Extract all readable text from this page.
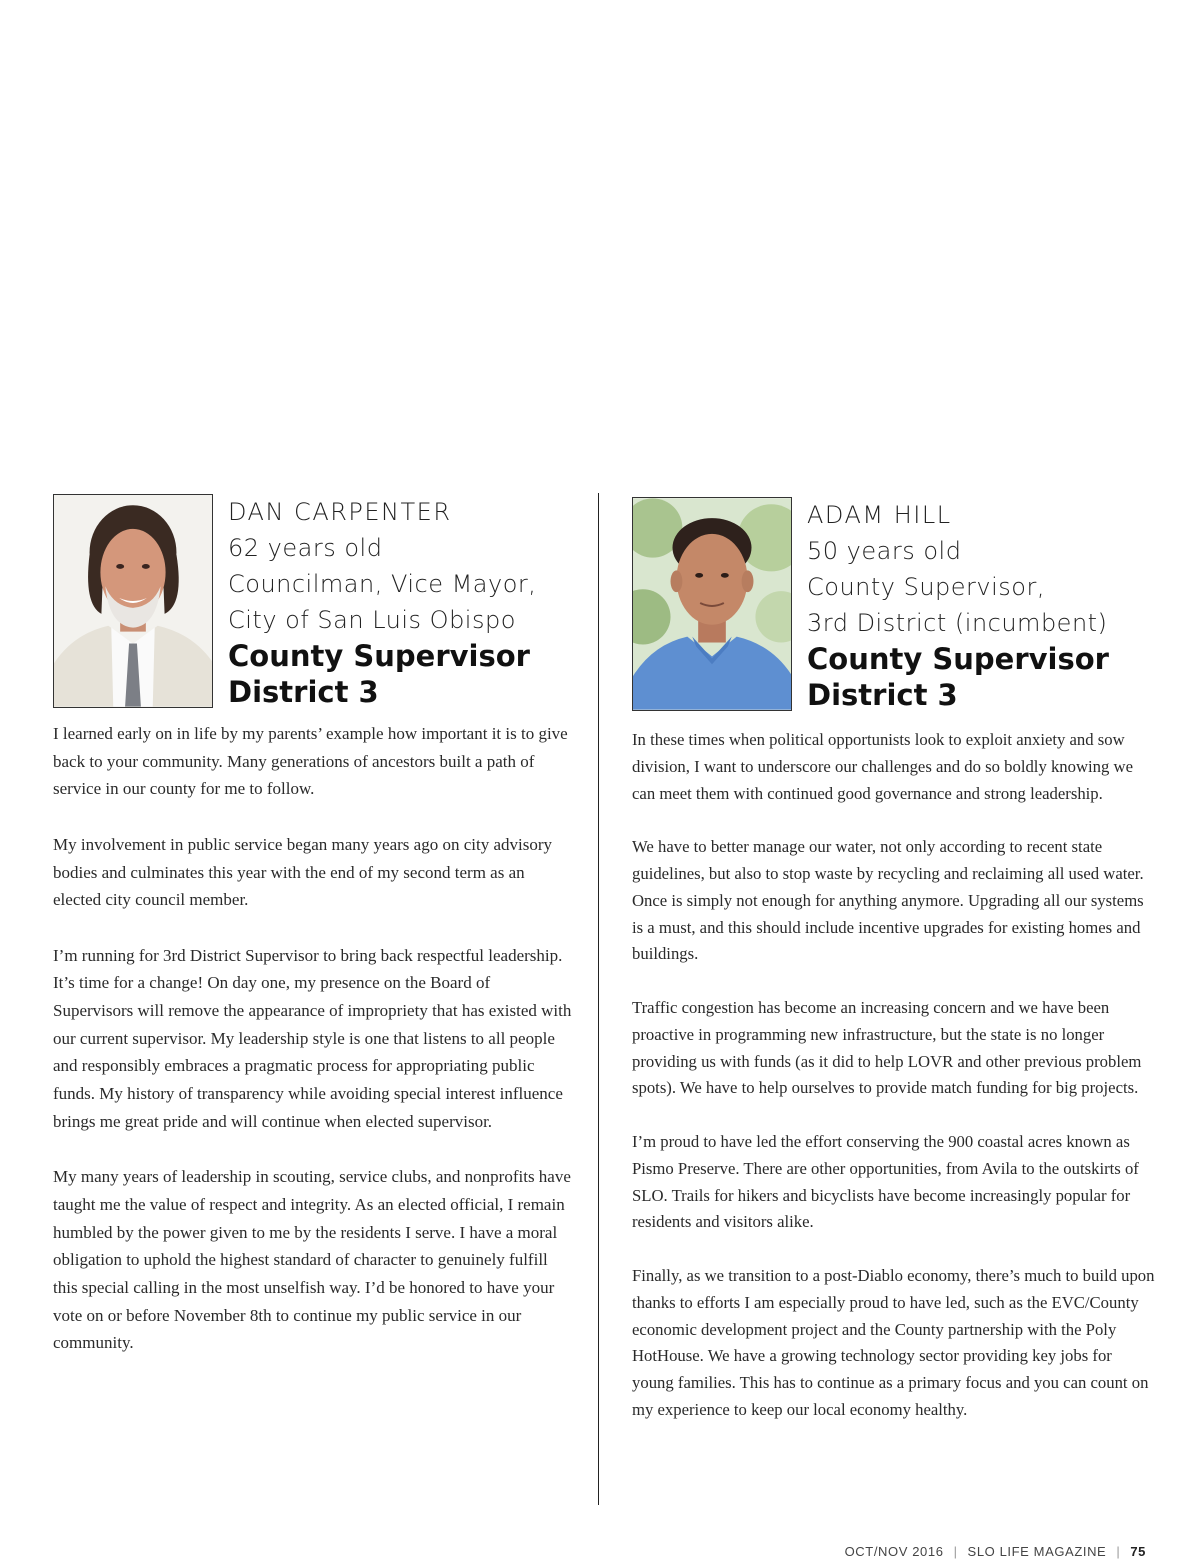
DAN CARPENTER
62 years old
Councilman, Vice Mayor,
City of San Luis Obispo
County Supervisor
District 3

I learned early on in life by my parents’ example how important it is to give back to your community. Many generations of ancestors built a path of service in our county for me to follow.

My involvement in public service began many years ago on city advisory bodies and culminates this year with the end of my second term as an elected city council member.

I’m running for 3rd District Supervisor to bring back respectful leadership. It’s time for a change! On day one, my presence on the Board of Supervisors will remove the appearance of impropriety that has existed with our current supervisor. My leadership style is one that listens to all people and responsibly embraces a pragmatic process for appropriating public funds. My history of transparency while avoiding special interest influence brings me great pride and will continue when elected supervisor.

My many years of leadership in scouting, service clubs, and nonprofits have taught me the value of respect and integrity. As an elected official, I remain humbled by the power given to me by the residents I serve. I have a moral obligation to uphold the highest standard of character to genuinely fulfill this special calling in the most unselfish way. I’d be honored to have your vote on or before November 8th to continue my public service in our community.

ADAM HILL
50 years old
County Supervisor,
3rd District (incumbent)
County Supervisor
District 3

In these times when political opportunists look to exploit anxiety and sow division, I want to underscore our challenges and do so boldly knowing we can meet them with continued good governance and strong leadership.

We have to better manage our water, not only according to recent state guidelines, but also to stop waste by recycling and reclaiming all used water. Once is simply not enough for anything anymore. Upgrading all our systems is a must, and this should include incentive upgrades for existing homes and buildings.

Traffic congestion has become an increasing concern and we have been proactive in programming new infrastructure, but the state is no longer providing us with funds (as it did to help LOVR and other previous problem spots). We have to help ourselves to provide match funding for big projects.

I’m proud to have led the effort conserving the 900 coastal acres known as Pismo Preserve. There are other opportunities, from Avila to the outskirts of SLO. Trails for hikers and bicyclists have become increasingly popular for residents and visitors alike.

Finally, as we transition to a post-Diablo economy, there’s much to build upon thanks to efforts I am especially proud to have led, such as the EVC/County economic development project and the County partnership with the Poly HotHouse. We have a growing technology sector providing key jobs for young families. This has to continue as a primary focus and you can count on my experience to keep our local economy healthy.

OCT/NOV 2016 | SLO LIFE MAGAZINE | 75
